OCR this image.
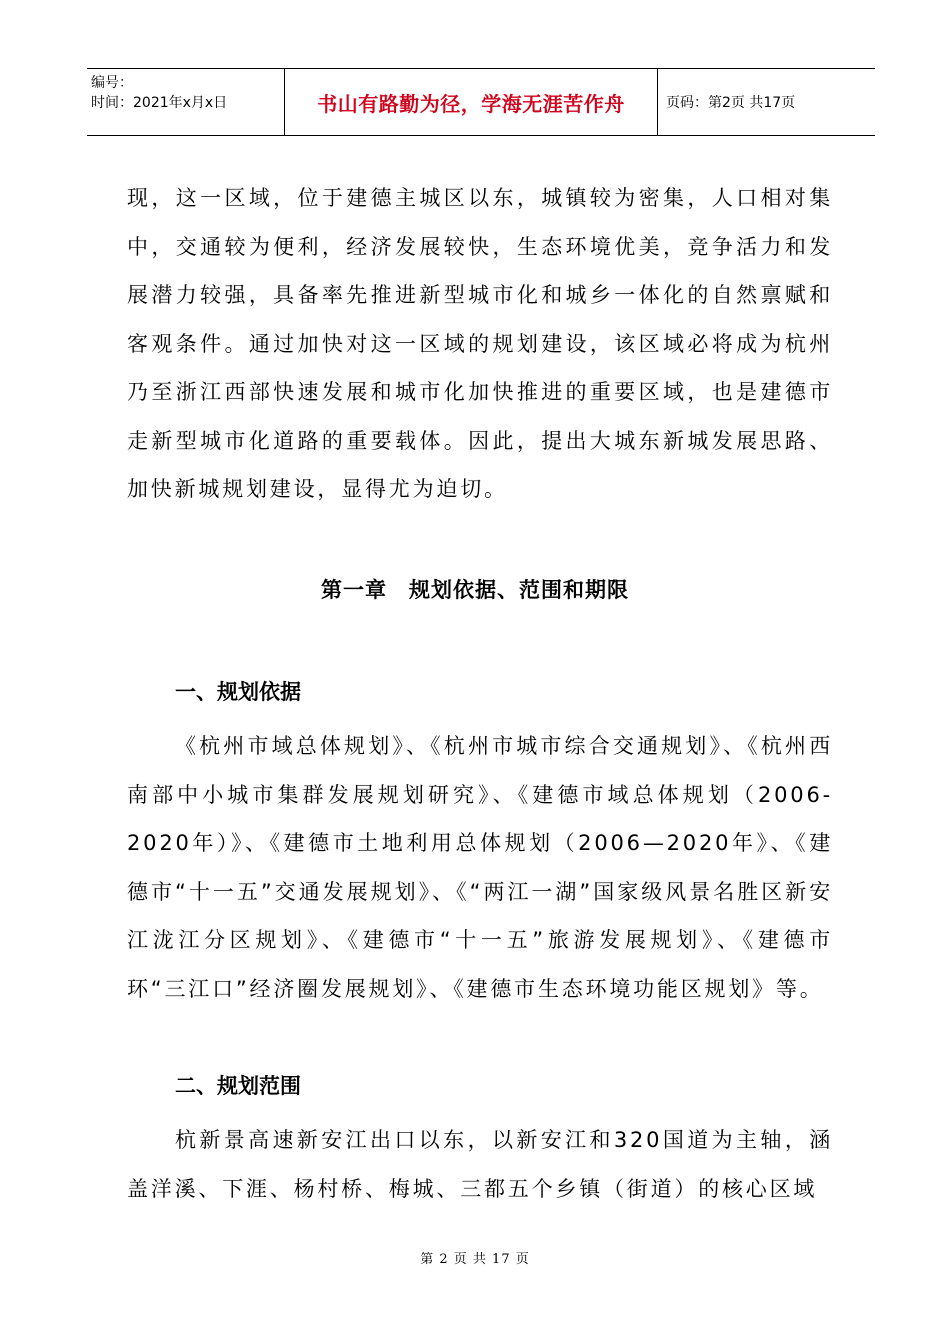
编号：
时间：2021年x月x日	书山有路勤为径，学海无涯苦作舟	页码：第2页 共17页

现，这一区域，位于建德主城区以东，城镇较为密集，人口相对集中，交通较为便利，经济发展较快，生态环境优美，竞争活力和发展潜力较强，具备率先推进新型城市化和城乡一体化的自然禀赋和客观条件。通过加快对这一区域的规划建设，该区域必将成为杭州乃至浙江西部快速发展和城市化加快推进的重要区域，也是建德市走新型城市化道路的重要载体。因此，提出大城东新城发展思路、加快新城规划建设，显得尤为迫切。

第一章　规划依据、范围和期限
一、规划依据

《杭州市域总体规划》、《杭州市城市综合交通规划》、《杭州西南部中小城市集群发展规划研究》、《建德市域总体规划（2006-2020年）》、《建德市土地利用总体规划（2006—2020年》、《建德市“十一五”交通发展规划》、《“两江一湖”国家级风景名胜区新安江泷江分区规划》、《建德市“十一五”旅游发展规划》、《建德市环“三江口”经济圈发展规划》、《建德市生态环境功能区规划》等。

二、规划范围

杭新景高速新安江出口以东，以新安江和320国道为主轴，涵盖洋溪、下涯、杨村桥、梅城、三都五个乡镇（街道）的核心区域

第 2 页 共 17 页
